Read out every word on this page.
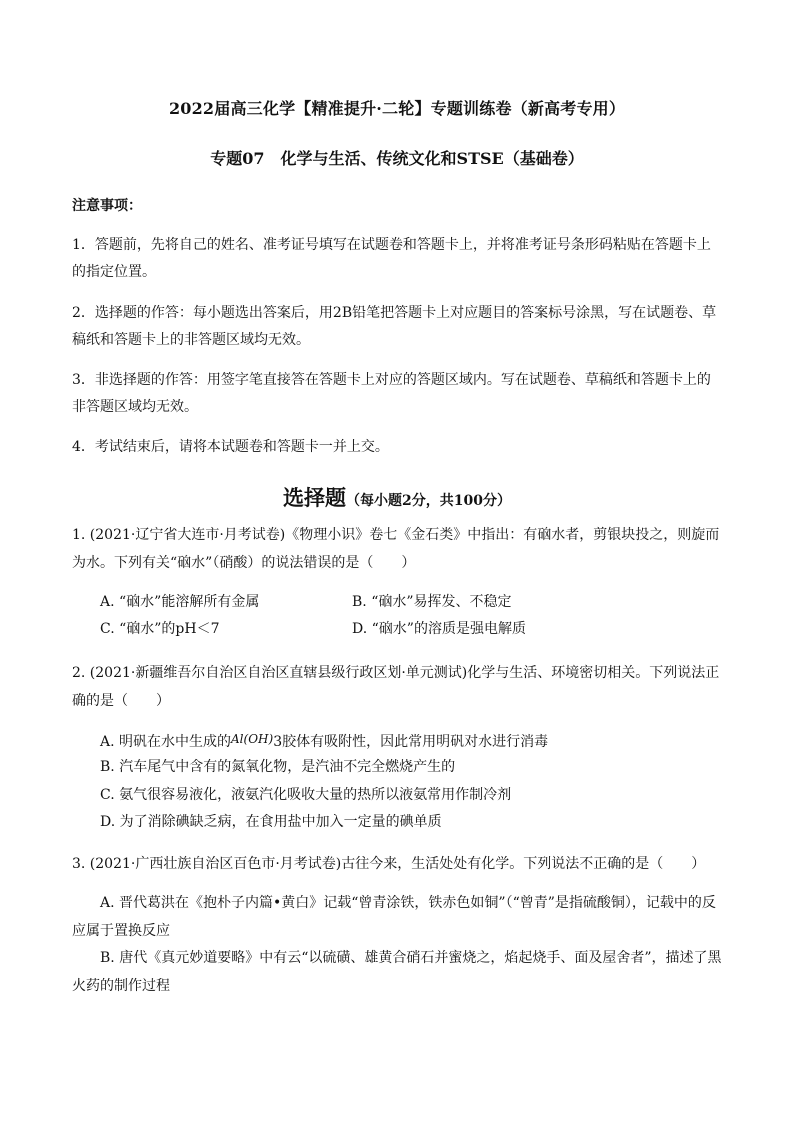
2022届高三化学【精准提升·二轮】专题训练卷（新高考专用）
专题07　化学与生活、传统文化和STSE（基础卷）
注意事项：
1．答题前，先将自己的姓名、准考证号填写在试题卷和答题卡上，并将准考证号条形码粘贴在答题卡上的指定位置。
2．选择题的作答：每小题选出答案后，用2B铅笔把答题卡上对应题目的答案标号涂黑，写在试题卷、草稿纸和答题卡上的非答题区域均无效。
3．非选择题的作答：用签字笔直接答在答题卡上对应的答题区域内。写在试题卷、草稿纸和答题卡上的非答题区域均无效。
4．考试结束后，请将本试题卷和答题卡一并上交。
选择题（每小题2分，共100分）
1. (2021·辽宁省大连市·月考试卷)《物理小识》卷七《金石类》中指出：有硇水者，剪银块投之，则旋而为水。下列有关“硇水”（硝酸）的说法错误的是（　　）
A. “硇水”能溶解所有金属	B. “硇水”易挥发、不稳定
C. “硇水”的pH＜7	D. “硇水”的溶质是强电解质
2. (2021·新疆维吾尔自治区自治区直辖县级行政区划·单元测试)化学与生活、环境密切相关。下列说法正确的是（　　）
A. 明矾在水中生成的Al(OH)3胶体有吸附性，因此常用明矾对水进行消毒
B. 汽车尾气中含有的氮氧化物，是汽油不完全燃烧产生的
C. 氨气很容易液化，液氨汽化吸收大量的热所以液氨常用作制冷剂
D. 为了消除碘缺乏病，在食用盐中加入一定量的碘单质
3. (2021·广西壮族自治区百色市·月考试卷)古往今来，生活处处有化学。下列说法不正确的是（　　）
A. 晋代葛洪在《抱朴子内篇•黄白》记载“曾青涂铁，铁赤色如铜”（“曾青”是指硫酸铜），记载中的反应属于置换反应
B. 唐代《真元妙道要略》中有云“以硫磺、雄黄合硝石并蜜烧之，焰起烧手、面及屋舍者”，描述了黑火药的制作过程
